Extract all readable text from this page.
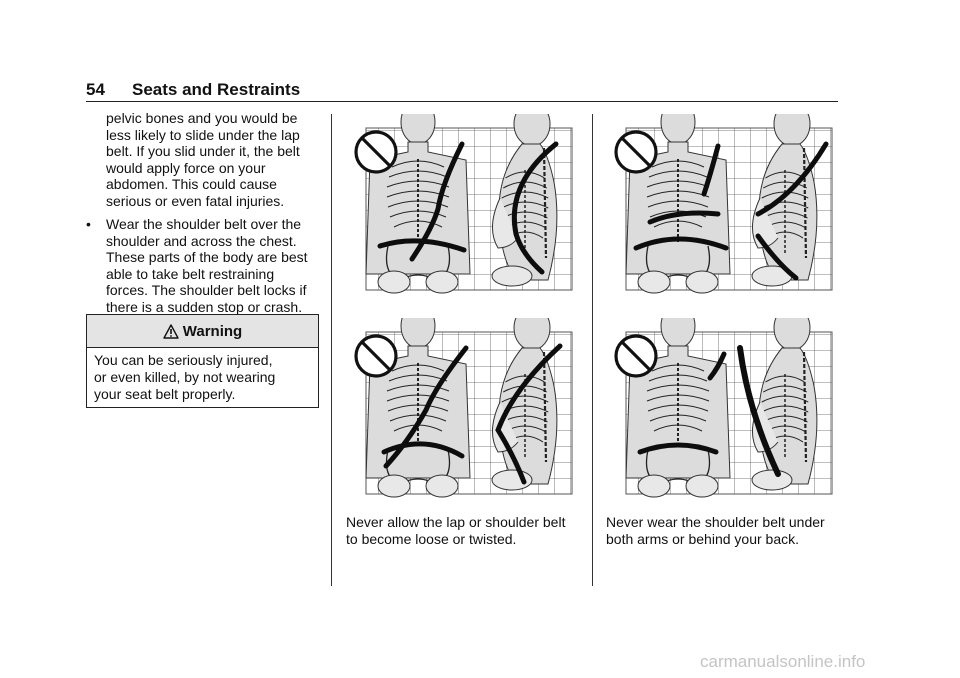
54 Seats and Restraints
pelvic bones and you would be
less likely to slide under the lap
belt. If you slid under it, the belt
would apply force on your
abdomen. This could cause
serious or even fatal injuries.
•	Wear the shoulder belt over the
shoulder and across the chest.
These parts of the body are best
able to take belt restraining
forces. The shoulder belt locks if
there is a sudden stop or crash.
Warning
You can be seriously injured,
or even killed, by not wearing
your seat belt properly.
Never allow the lap or shoulder belt
to become loose or twisted.
Never wear the shoulder belt under
both arms or behind your back.
carmanualsonline.info
